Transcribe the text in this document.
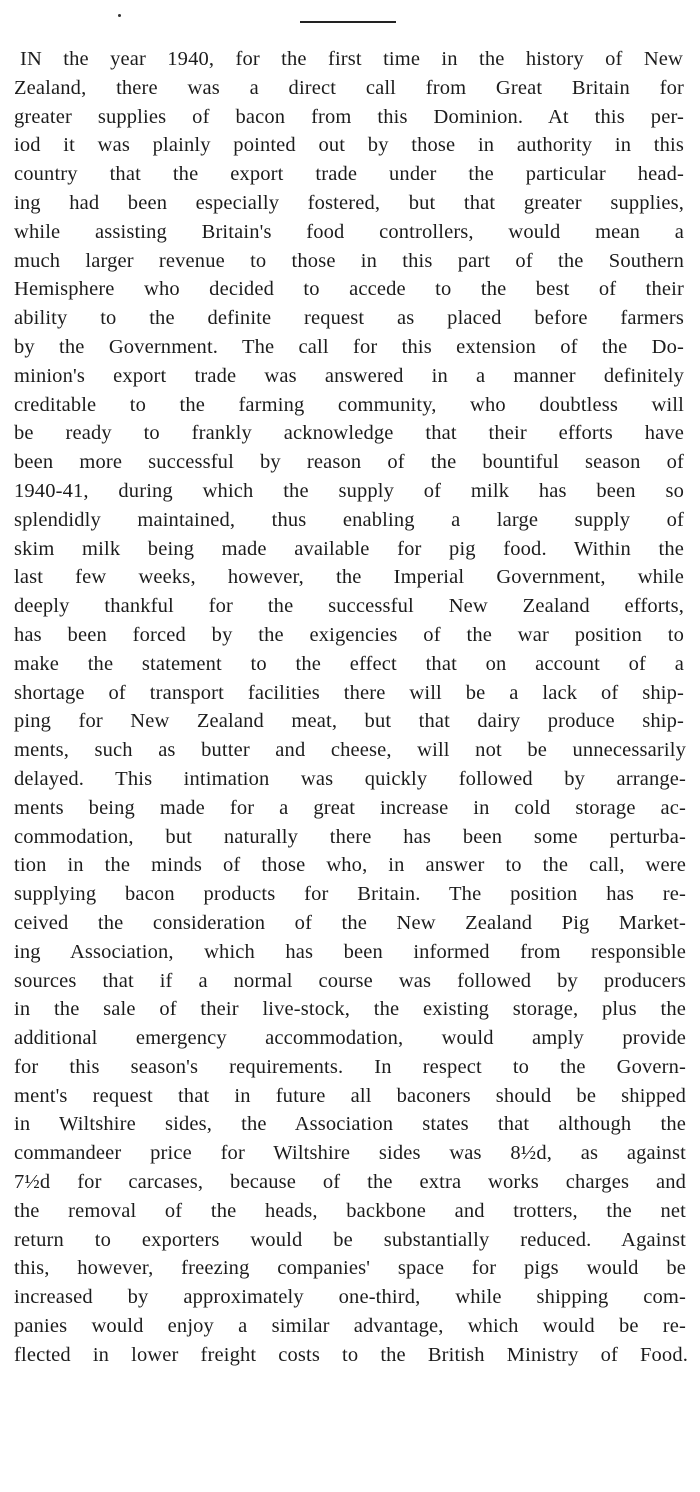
IN the year 1940, for the first time in the history of New
Zealand, there was a direct call from Great Britain for
greater supplies of bacon from this Dominion. At this per-
iod it was plainly pointed out by those in authority in this
country that the export trade under the particular head-
ing had been especially fostered, but that greater supplies,
while assisting Britain's food controllers, would mean a
much larger revenue to those in this part of the Southern
Hemisphere who decided to accede to the best of their
ability to the definite request as placed before farmers
by the Government. The call for this extension of the Do-
minion's export trade was answered in a manner definitely
creditable to the farming community, who doubtless will
be ready to frankly acknowledge that their efforts have
been more successful by reason of the bountiful season of
1940-41, during which the supply of milk has been so
splendidly maintained, thus enabling a large supply of
skim milk being made available for pig food. Within the
last few weeks, however, the Imperial Government, while
deeply thankful for the successful New Zealand efforts,
has been forced by the exigencies of the war position to
make the statement to the effect that on account of a
shortage of transport facilities there will be a lack of ship-
ping for New Zealand meat, but that dairy produce ship-
ments, such as butter and cheese, will not be unnecessarily
delayed. This intimation was quickly followed by arrange-
ments being made for a great increase in cold storage ac-
commodation, but naturally there has been some perturba-
tion in the minds of those who, in answer to the call, were
supplying bacon products for Britain. The position has re-
ceived the consideration of the New Zealand Pig Market-
ing Association, which has been informed from responsible
sources that if a normal course was followed by producers
in the sale of their live-stock, the existing storage, plus the
additional emergency accommodation, would amply provide
for this season's requirements. In respect to the Govern-
ment's request that in future all baconers should be shipped
in Wiltshire sides, the Association states that although the
commandeer price for Wiltshire sides was 8½d, as against
7½d for carcases, because of the extra works charges and
the removal of the heads, backbone and trotters, the net
return to exporters would be substantially reduced. Against
this, however, freezing companies' space for pigs would be
increased by approximately one-third, while shipping com-
panies would enjoy a similar advantage, which would be re-
flected in lower freight costs to the British Ministry of Food.
